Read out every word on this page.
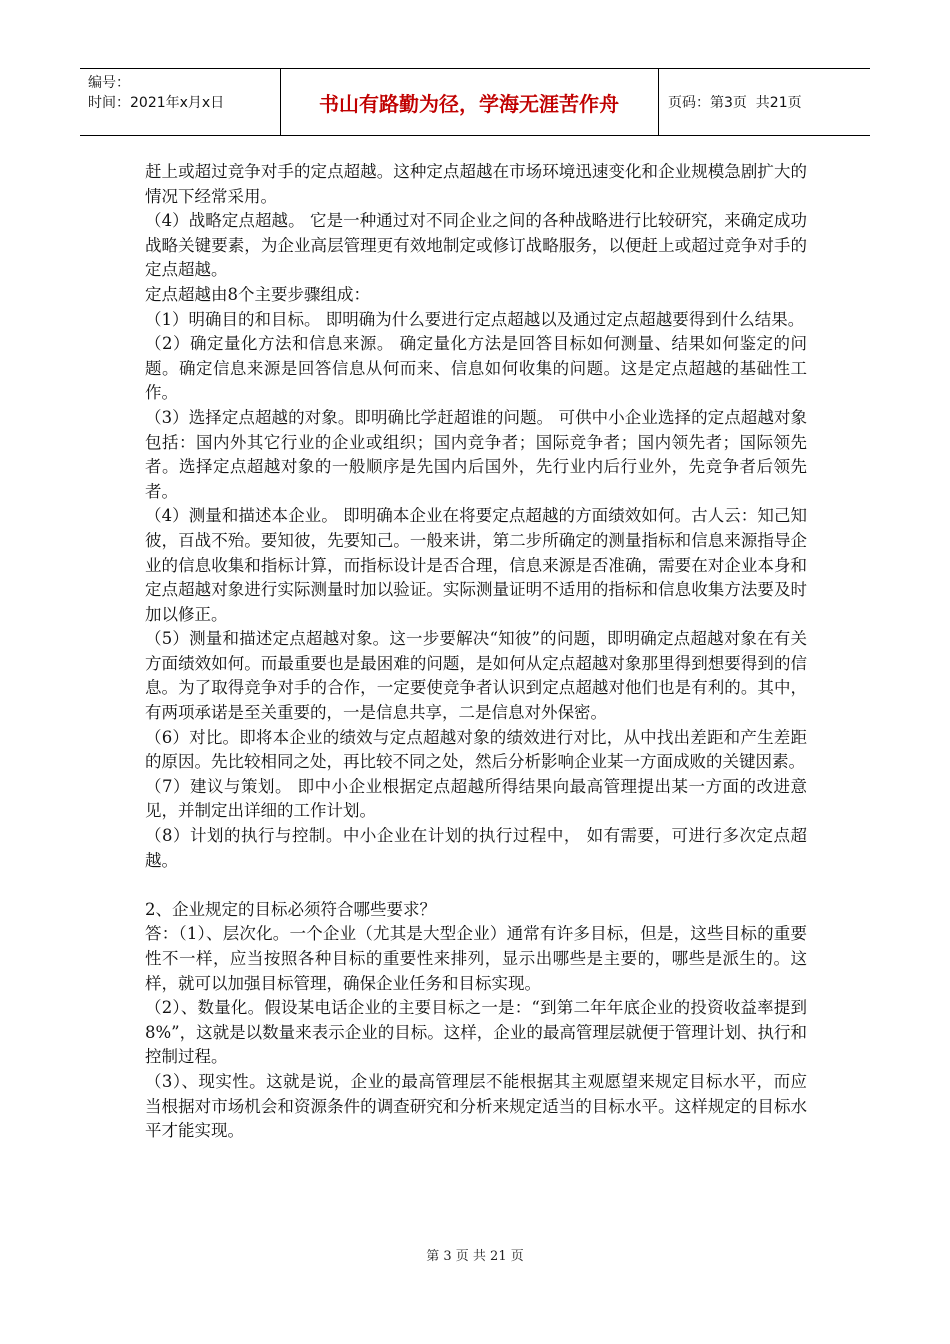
编号：
时间：2021年x月x日	书山有路勤为径，学海无涯苦作舟	页码：第3页  共21页

赶上或超过竞争对手的定点超越。这种定点超越在市场环境迅速变化和企业规模急剧扩大的情况下经常采用。

（4）战略定点超越。 它是一种通过对不同企业之间的各种战略进行比较研究，来确定成功战略关键要素，为企业高层管理更有效地制定或修订战略服务，以便赶上或超过竞争对手的定点超越。

定点超越由8个主要步骤组成：

（1）明确目的和目标。 即明确为什么要进行定点超越以及通过定点超越要得到什么结果。

（2）确定量化方法和信息来源。 确定量化方法是回答目标如何测量、结果如何鉴定的问题。确定信息来源是回答信息从何而来、信息如何收集的问题。这是定点超越的基础性工作。

（3）选择定点超越的对象。即明确比学赶超谁的问题。 可供中小企业选择的定点超越对象包括：国内外其它行业的企业或组织；国内竞争者；国际竞争者；国内领先者；国际领先者。选择定点超越对象的一般顺序是先国内后国外，先行业内后行业外，先竞争者后领先者。

（4）测量和描述本企业。 即明确本企业在将要定点超越的方面绩效如何。古人云：知己知彼，百战不殆。要知彼，先要知己。一般来讲，第二步所确定的测量指标和信息来源指导企业的信息收集和指标计算，而指标设计是否合理，信息来源是否准确，需要在对企业本身和定点超越对象进行实际测量时加以验证。实际测量证明不适用的指标和信息收集方法要及时加以修正。

（5）测量和描述定点超越对象。这一步要解决“知彼”的问题，即明确定点超越对象在有关方面绩效如何。而最重要也是最困难的问题，是如何从定点超越对象那里得到想要得到的信息。为了取得竞争对手的合作，一定要使竞争者认识到定点超越对他们也是有利的。其中，有两项承诺是至关重要的，一是信息共享，二是信息对外保密。

（6）对比。即将本企业的绩效与定点超越对象的绩效进行对比，从中找出差距和产生差距的原因。先比较相同之处，再比较不同之处，然后分析影响企业某一方面成败的关键因素。

（7）建议与策划。 即中小企业根据定点超越所得结果向最高管理提出某一方面的改进意见，并制定出详细的工作计划。

（8）计划的执行与控制。中小企业在计划的执行过程中， 如有需要，可进行多次定点超越。

2、企业规定的目标必须符合哪些要求？

答：（1）、层次化。一个企业（尤其是大型企业）通常有许多目标，但是，这些目标的重要性不一样，应当按照各种目标的重要性来排列，显示出哪些是主要的，哪些是派生的。这样，就可以加强目标管理，确保企业任务和目标实现。

（2）、数量化。假设某电话企业的主要目标之一是：“到第二年年底企业的投资收益率提到8%”，这就是以数量来表示企业的目标。这样，企业的最高管理层就便于管理计划、执行和控制过程。

（3）、现实性。这就是说，企业的最高管理层不能根据其主观愿望来规定目标水平，而应当根据对市场机会和资源条件的调查研究和分析来规定适当的目标水平。这样规定的目标水平才能实现。

第 3 页 共 21 页
